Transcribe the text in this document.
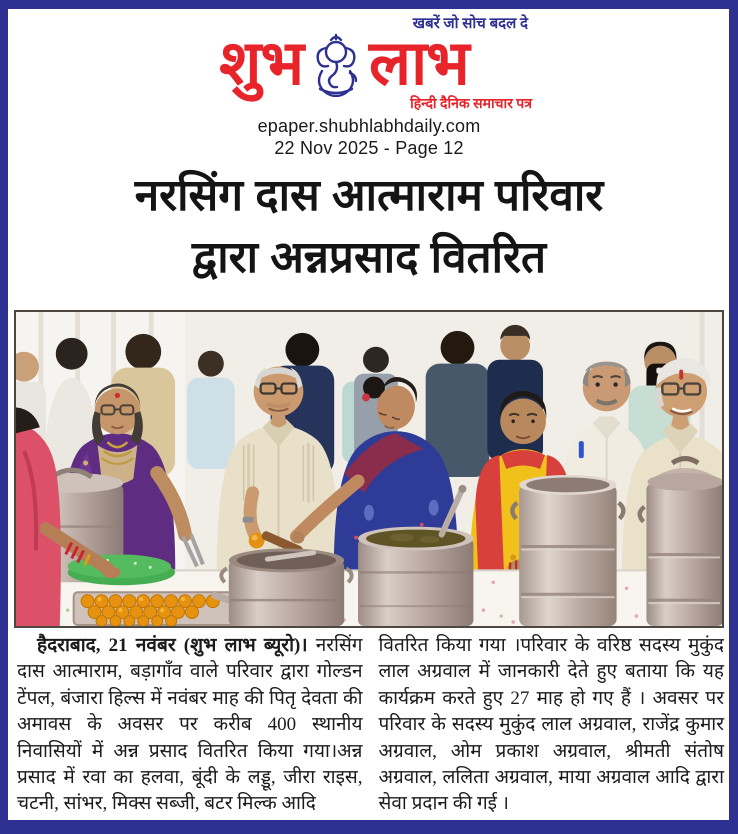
खबरें जो सोच बदल दे
शुभ लाभ
हिन्दी दैनिक समाचार पत्र
epaper.shubhlabhdaily.com
22 Nov 2025 - Page 12
नरसिंग दास आत्माराम परिवार
द्वारा अन्नप्रसाद वितरित

हैदराबाद, 21 नवंबर (शुभ लाभ ब्यूरो)। नरसिंग दास आत्माराम, बड़ागाँव वाले परिवार द्वारा गोल्डन टेंपल, बंजारा हिल्स में नवंबर माह की पितृ देवता की अमावस के अवसर पर करीब 400 स्थानीय निवासियों में अन्न प्रसाद वितरित किया गया।अन्न प्रसाद में रवा का हलवा, बूंदी के लड्डू, जीरा राइस, चटनी, सांभर, मिक्स सब्जी, बटर मिल्क आदि

वितरित किया गया ।परिवार के वरिष्ठ सदस्य मुकुंद लाल अग्रवाल में जानकारी देते हुए बताया कि यह कार्यक्रम करते हुए 27 माह हो गए हैं । अवसर पर परिवार के सदस्य मुकुंद लाल अग्रवाल, राजेंद्र कुमार अग्रवाल, ओम प्रकाश अग्रवाल, श्रीमती संतोष अग्रवाल, ललिता अग्रवाल, माया अग्रवाल आदि द्वारा सेवा प्रदान की गई ।
